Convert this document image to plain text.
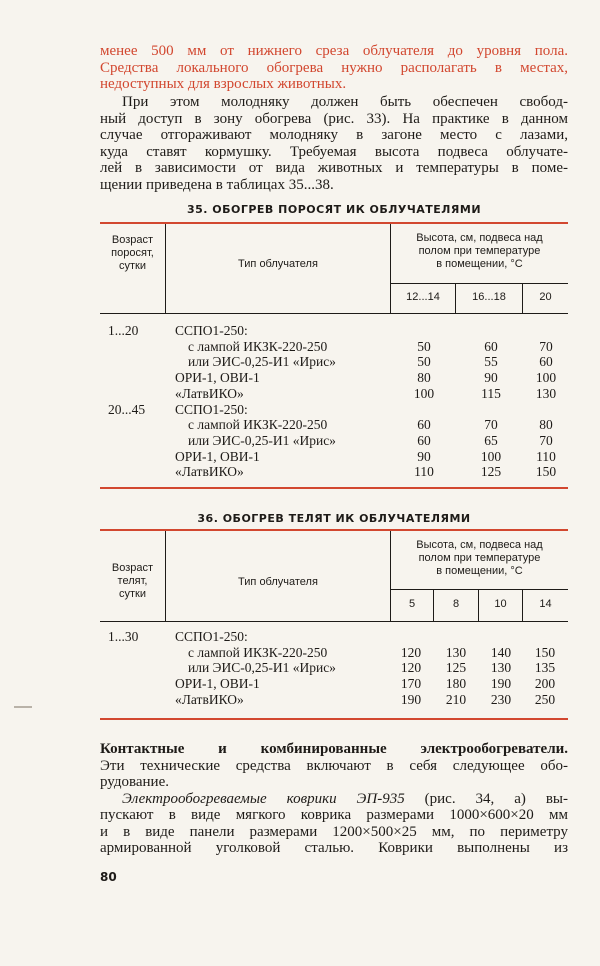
менее 500 мм от нижнего среза облучателя до уровня пола.
Средства локального обогрева нужно располагать в местах,
недоступных для взрослых животных.
При этом молодняку должен быть обеспечен свобод-
ный доступ в зону обогрева (рис. 33). На практике в данном
случае отгораживают молодняку в загоне место с лазами,
куда ставят кормушку. Требуемая высота подвеса облучате-
лей в зависимости от вида животных и температуры в поме-
щении приведена в таблицах 35...38.
35. ОБОГРЕВ ПОРОСЯТ ИК ОБЛУЧАТЕЛЯМИ
Возраст
поросят,
сутки	Тип облучателя
Высота, см, подвеса над
полом при температуре
в помещении, °С
12...14	16...18	20
1...20	ССПО1-250:
с лампой ИКЗК-220-250	50	60	70
или ЭИС-0,25-И1 «Ирис»	50	55	60
ОРИ-1, ОВИ-1	80	90	100
«ЛатвИКО»	100	115	130
20...45 ССПО1-250:
с лампой ИКЗК-220-250	60	70	80
или ЭИС-0,25-И1 «Ирис»	60	65	70
ОРИ-1, ОВИ-1	90	100	110
«ЛатвИКО»	110	125	150
36. ОБОГРЕВ ТЕЛЯТ ИК ОБЛУЧАТЕЛЯМИ
Возраст
телят,
сутки
Тип облучателя
Высота, см, подвеса над
полом при температуре
в помещении, °С
5	8	10	14
1...30	ССПО1-250:
с лампой ИКЗК-220-250	120	130	140	150
или ЭИС-0,25-И1 «Ирис»	120	125	130	135
ОРИ-1, ОВИ-1	170	180	190	200
«ЛатвИКО»	190	210	230	250
Контактные и комбинированные электрообогреватели.
Эти технические средства включают в себя следующее обо-
рудование.
Электрообогреваемые коврики ЭП-935 (рис. 34, а) вы-
пускают в виде мягкого коврика размерами 1000×600×20 мм
и в виде панели размерами 1200×500×25 мм, по периметру
армированной уголковой сталью. Коврики выполнены из
80
